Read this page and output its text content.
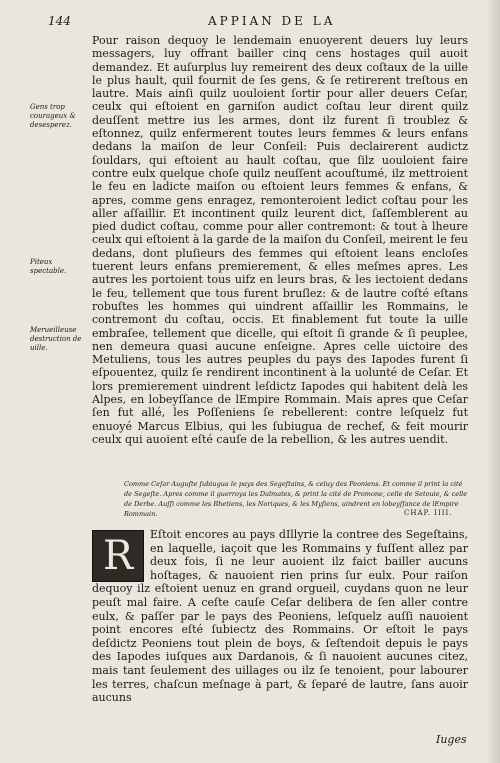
144	APPIAN DE LA
Gens trop courageux & desesperez.
Piteux spectable.
Merueilleuse destruction de uille.

Pour raison dequoy le lendemain enuoyerent deuers luy leurs messagers, luy offrant bailler cinq cens hostages quil auoit demandez. Et auſurplus luy remeirent des deux coſtaux de la uille le plus hault, quil fournit de ſes gens, & ſe retirerent treſtous en lautre. Mais ainſi quilz uouloient ſortir pour aller deuers Ceſar, ceulx qui eſtoient en garniſon audict coſtau leur dirent quilz deuſſent mettre ius les armes, dont ilz furent ſi troublez & eſtonnez, quilz enfermerent toutes leurs femmes & leurs enfans dedans la maiſon de leur Conſeil: Puis declairerent audictz ſouldars, qui eſtoient au hault coſtau, que ſilz uouloient faire contre eulx quelque choſe quilz neuſſent acouſtumé, ilz mettroient le feu en ladicte maiſon ou eſtoient leurs femmes & enfans, & apres, comme gens enragez, remonteroient ledict coſtau pour les aller aſſaillir. Et incontinent quilz leurent dict, ſaſſemblerent au pied dudict coſtau, comme pour aller contremont: & tout à lheure ceulx qui eſtoient à la garde de la maiſon du Conſeil, meirent le feu dedans, dont pluſieurs des femmes qui eſtoient leans encloſes tuerent leurs enfans premierement, & elles meſmes apres. Les autres les portoient tous uifz en leurs bras, & les iectoient dedans le feu, tellement que tous furent bruſlez: & de lautre coſté eſtans robuſtes les hommes qui uindrent aſſaillir les Rommains, le contremont du coſtau, occis. Et finablement fut toute la uille embraſee, tellement que dicelle, qui eſtoit ſi grande & ſi peuplee, nen demeura quasi aucune enſeigne. Apres celle uictoire des Metuliens, tous les autres peuples du pays des Iapodes furent ſi eſpouentez, quilz ſe rendirent incontinent à la uolunté de Ceſar. Et lors premierement uindrent leſdictz Iapodes qui habitent delà les Alpes, en lobeyſſance de lEmpire Rommain. Mais apres que Ceſar ſen fut allé, les Poſſeniens ſe rebellerent: contre leſquelz fut enuoyé Marcus Elbius, qui les ſubiugua de rechef, & feit mourir ceulx qui auoient eſté cauſe de la rebellion, & les autres uendit.

Comme Ceſar Auguſte ſubiugua le pays des Segeſtains, & celuy des Peoniens. Et comme il print la cité de Segeſte. Apres comme il guerroya les Dalmates, & print la cité de Promone, celle de Setouie, & celle de Derbe. Auſſi comme les Rhetiens, les Noriques, & les Myſiens, uindrent en lobeyſſance de lEmpire Rommain.	CHAP. IIII.

Eſtoit encores au pays dIllyrie la contree des Segeſtains, en laquelle, iaçoit que les Rommains y fuſſent allez par deux fois, ſi ne leur auoient ilz faict bailler aucuns hoſtages, & nauoient rien prins ſur eulx. Pour raiſon dequoy ilz eſtoient uenuz en grand orgueil, cuydans quon ne leur peuſt mal faire. A ceſte cauſe Ceſar delibera de ſen aller contre eulx, & paſſer par le pays des Peoniens, leſquelz auſſi nauoient point encores eſté ſubiectz des Rommains. Or eſtoit le pays deſdictz Peoniens tout plein de boys, & ſeſtendoit depuis le pays des Iapodes iuſques aux Dardanois, & ſi nauoient aucunes citez, mais tant ſeulement des uillages ou ilz ſe tenoient, pour labourer les terres, chaſcun meſnage à part, & ſeparé de lautre, ſans auoir aucuns

R
Iuges
